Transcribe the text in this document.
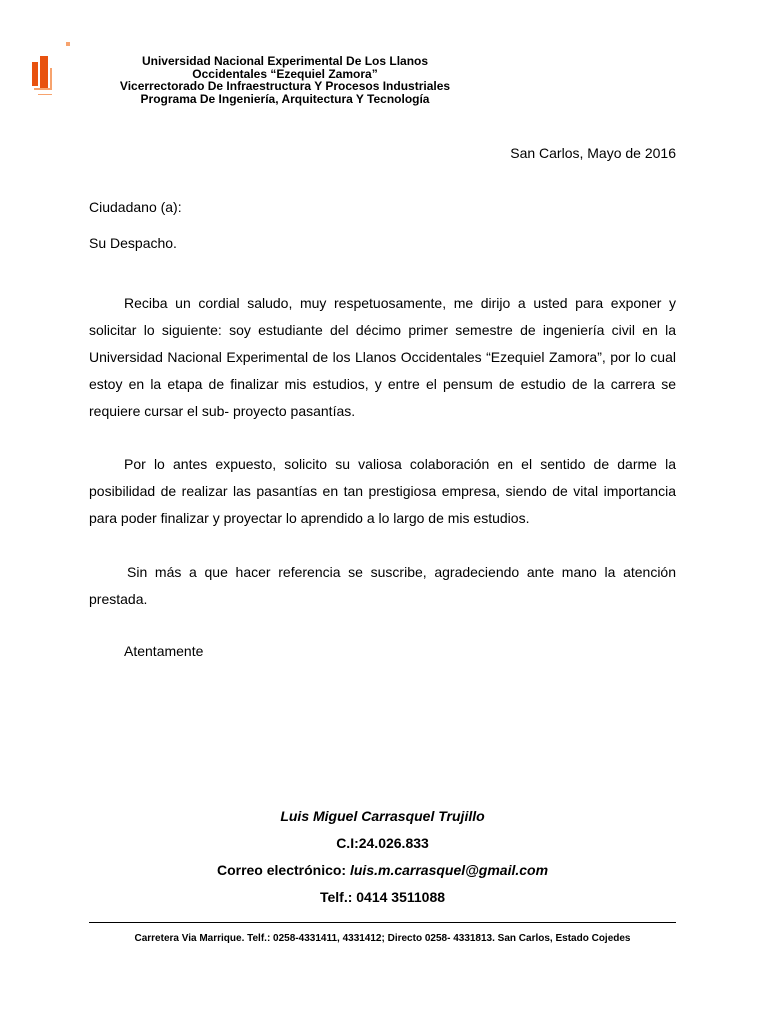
Universidad Nacional Experimental De Los Llanos
Occidentales “Ezequiel Zamora”
Vicerrectorado De Infraestructura Y Procesos Industriales
Programa De Ingeniería, Arquitectura Y Tecnología
San Carlos, Mayo de 2016
Ciudadano (a):
Su Despacho.

Reciba un cordial saludo, muy respetuosamente, me dirijo a usted para exponer y solicitar lo siguiente: soy estudiante del décimo primer semestre de ingeniería civil en la Universidad Nacional Experimental de los Llanos Occidentales “Ezequiel Zamora”, por lo cual estoy en la etapa de finalizar mis estudios, y entre el pensum de estudio de la carrera se requiere cursar el sub- proyecto pasantías.

Por lo antes expuesto, solicito su valiosa colaboración en el sentido de darme la posibilidad de realizar las pasantías en tan prestigiosa empresa, siendo de vital importancia para poder finalizar y proyectar lo aprendido a lo largo de mis estudios.

Sin más a que hacer referencia se suscribe, agradeciendo ante mano la atención prestada.

Atentamente
Luis Miguel Carrasquel Trujillo
C.I:24.026.833
Correo electrónico: luis.m.carrasquel@gmail.com
Telf.: 0414 3511088
Carretera Via Marrique. Telf.: 0258-4331411, 4331412; Directo 0258- 4331813. San Carlos, Estado Cojedes
